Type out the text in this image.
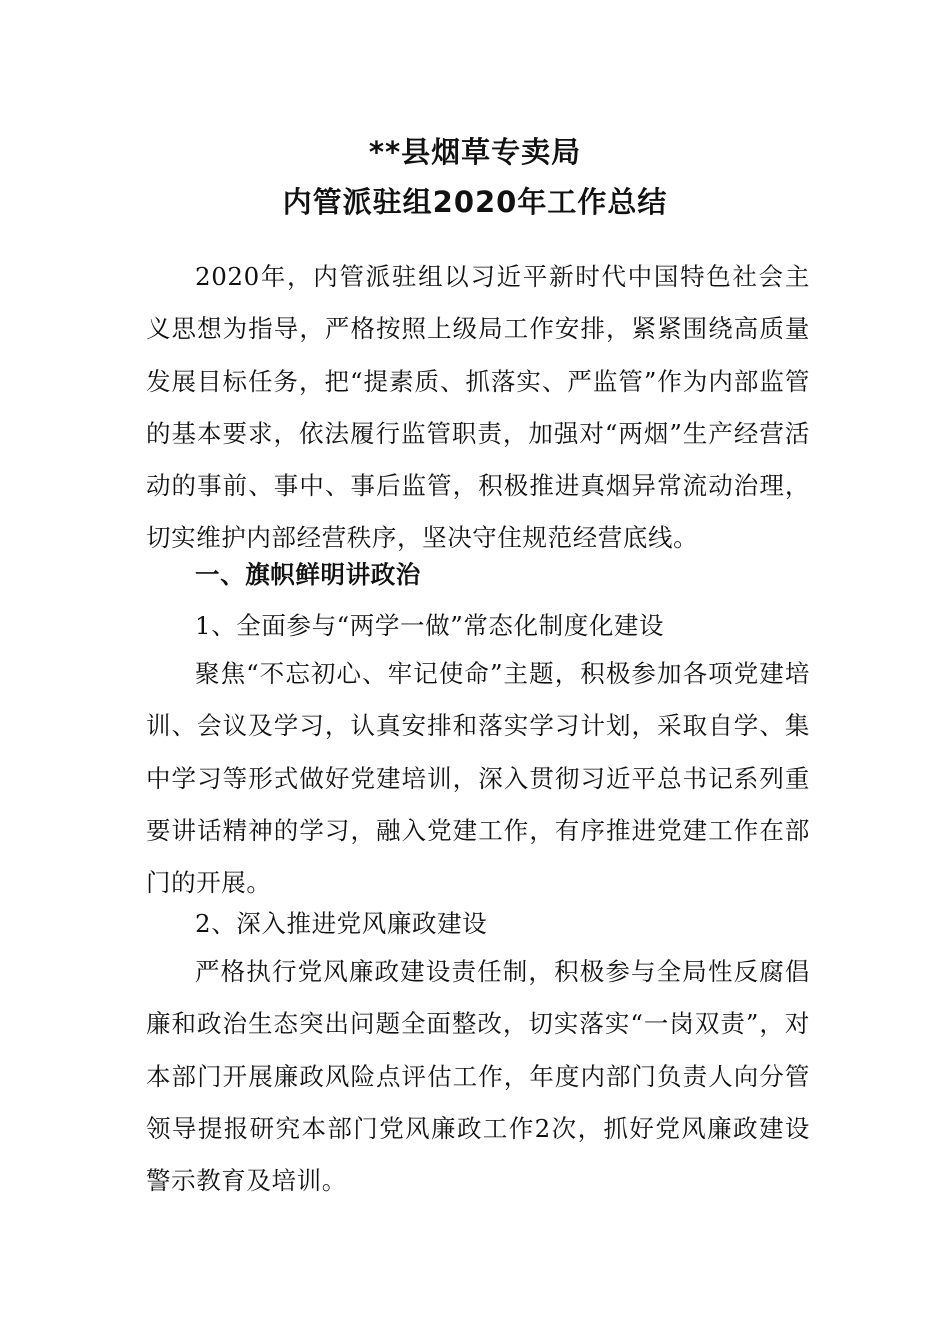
**县烟草专卖局
内管派驻组2020年工作总结

2020年，内管派驻组以习近平新时代中国特色社会主义思想为指导，严格按照上级局工作安排，紧紧围绕高质量发展目标任务，把“提素质、抓落实、严监管”作为内部监管的基本要求，依法履行监管职责，加强对“两烟”生产经营活动的事前、事中、事后监管，积极推进真烟异常流动治理，切实维护内部经营秩序，坚决守住规范经营底线。

一、旗帜鲜明讲政治

1、全面参与“两学一做”常态化制度化建设

聚焦“不忘初心、牢记使命”主题，积极参加各项党建培训、会议及学习，认真安排和落实学习计划，采取自学、集中学习等形式做好党建培训，深入贯彻习近平总书记系列重要讲话精神的学习，融入党建工作，有序推进党建工作在部门的开展。

2、深入推进党风廉政建设

严格执行党风廉政建设责任制，积极参与全局性反腐倡廉和政治生态突出问题全面整改，切实落实“一岗双责”，对本部门开展廉政风险点评估工作，年度内部门负责人向分管领导提报研究本部门党风廉政工作2次，抓好党风廉政建设警示教育及培训。
